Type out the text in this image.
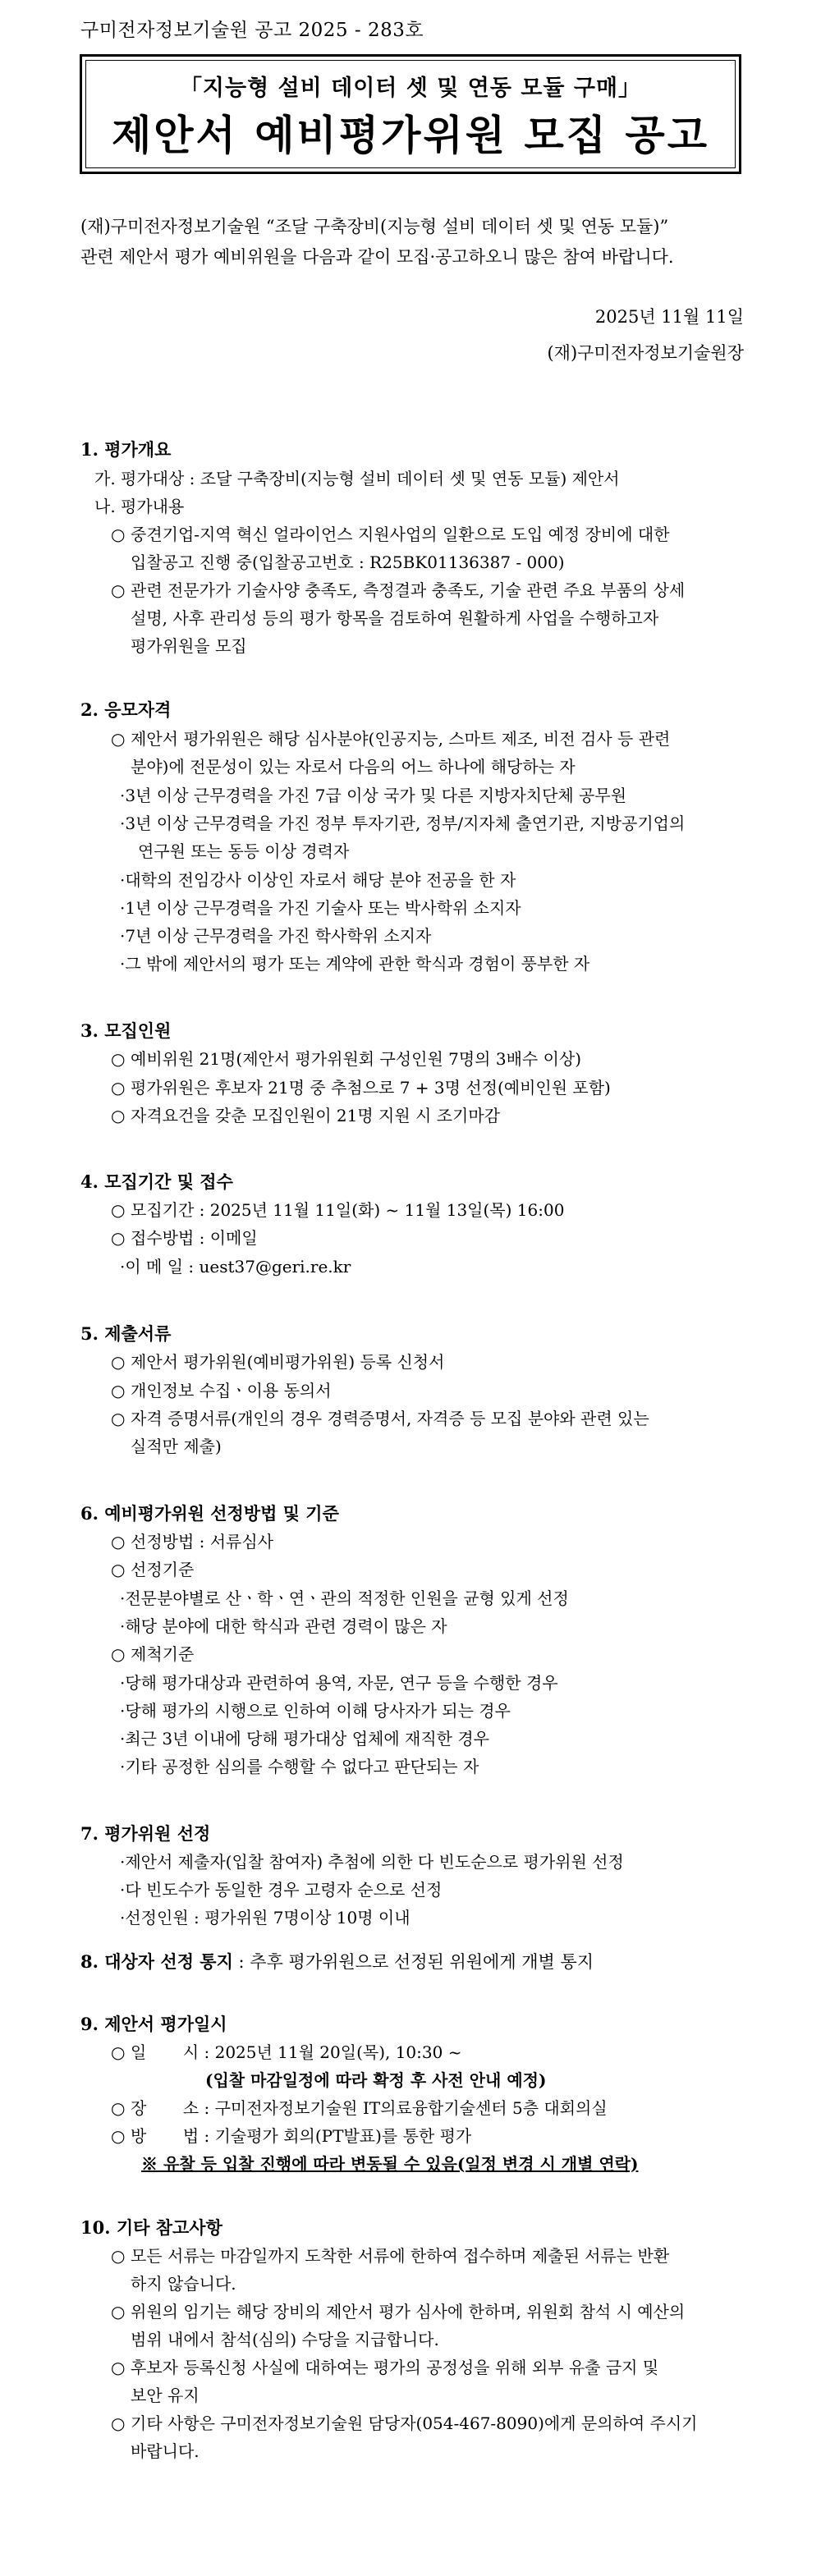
구미전자정보기술원 공고 2025 - 283호
「지능형 설비 데이터 셋 및 연동 모듈 구매」
제안서 예비평가위원 모집 공고
(재)구미전자정보기술원 “조달 구축장비(지능형 설비 데이터 셋 및 연동 모듈)”
관련 제안서 평가 예비위원을 다음과 같이 모집·공고하오니 많은 참여 바랍니다.
2025년 11월 11일
(재)구미전자정보기술원장
1. 평가개요
가. 평가대상 : 조달 구축장비(지능형 설비 데이터 셋 및 연동 모듈) 제안서
나. 평가내용
○ 중견기업-지역 혁신 얼라이언스 지원사업의 일환으로 도입 예정 장비에 대한
입찰공고 진행 중(입찰공고번호 : R25BK01136387 - 000)
○ 관련 전문가가 기술사양 충족도, 측정결과 충족도, 기술 관련 주요 부품의 상세
설명, 사후 관리성 등의 평가 항목을 검토하여 원활하게 사업을 수행하고자
평가위원을 모집
2. 응모자격
○ 제안서 평가위원은 해당 심사분야(인공지능, 스마트 제조, 비전 검사 등 관련
분야)에 전문성이 있는 자로서 다음의 어느 하나에 해당하는 자
·3년 이상 근무경력을 가진 7급 이상 국가 및 다른 지방자치단체 공무원
·3년 이상 근무경력을 가진 정부 투자기관, 정부/지자체 출연기관, 지방공기업의
연구원 또는 동등 이상 경력자
·대학의 전임강사 이상인 자로서 해당 분야 전공을 한 자
·1년 이상 근무경력을 가진 기술사 또는 박사학위 소지자
·7년 이상 근무경력을 가진 학사학위 소지자
·그 밖에 제안서의 평가 또는 계약에 관한 학식과 경험이 풍부한 자
3. 모집인원
○ 예비위원 21명(제안서 평가위원회 구성인원 7명의 3배수 이상)
○ 평가위원은 후보자 21명 중 추첨으로 7 + 3명 선정(예비인원 포함)
○ 자격요건을 갖춘 모집인원이 21명 지원 시 조기마감
4. 모집기간 및 접수
○ 모집기간 : 2025년 11월 11일(화) ~ 11월 13일(목) 16:00
○ 접수방법 : 이메일
·이 메 일 : uest37@geri.re.kr
5. 제출서류
○ 제안서 평가위원(예비평가위원) 등록 신청서
○ 개인정보 수집ㆍ이용 동의서
○ 자격 증명서류(개인의 경우 경력증명서, 자격증 등 모집 분야와 관련 있는
실적만 제출)
6. 예비평가위원 선정방법 및 기준
○ 선정방법 : 서류심사
○ 선정기준
·전문분야별로 산ㆍ학ㆍ연ㆍ관의 적정한 인원을 균형 있게 선정
·해당 분야에 대한 학식과 관련 경력이 많은 자
○ 제척기준
·당해 평가대상과 관련하여 용역, 자문, 연구 등을 수행한 경우
·당해 평가의 시행으로 인하여 이해 당사자가 되는 경우
·최근 3년 이내에 당해 평가대상 업체에 재직한 경우
·기타 공정한 심의를 수행할 수 없다고 판단되는 자
7. 평가위원 선정
·제안서 제출자(입찰 참여자) 추첨에 의한 다 빈도순으로 평가위원 선정
·다 빈도수가 동일한 경우 고령자 순으로 선정
·선정인원 : 평가위원 7명이상 10명 이내
8. 대상자 선정 통지 : 추후 평가위원으로 선정된 위원에게 개별 통지
9. 제안서 평가일시
○ 일       시 : 2025년 11월 20일(목), 10:30 ~
(입찰 마감일정에 따라 확정 후 사전 안내 예정)
○ 장       소 : 구미전자정보기술원 IT의료융합기술센터 5층 대회의실
○ 방       법 : 기술평가 회의(PT발표)를 통한 평가
※ 유찰 등 입찰 진행에 따라 변동될 수 있음(일정 변경 시 개별 연락)
10. 기타 참고사항
○ 모든 서류는 마감일까지 도착한 서류에 한하여 접수하며 제출된 서류는 반환
하지 않습니다.
○ 위원의 임기는 해당 장비의 제안서 평가 심사에 한하며, 위원회 참석 시 예산의
범위 내에서 참석(심의) 수당을 지급합니다.
○ 후보자 등록신청 사실에 대하여는 평가의 공정성을 위해 외부 유출 금지 및
보안 유지
○ 기타 사항은 구미전자정보기술원 담당자(054-467-8090)에게 문의하여 주시기
바랍니다.
